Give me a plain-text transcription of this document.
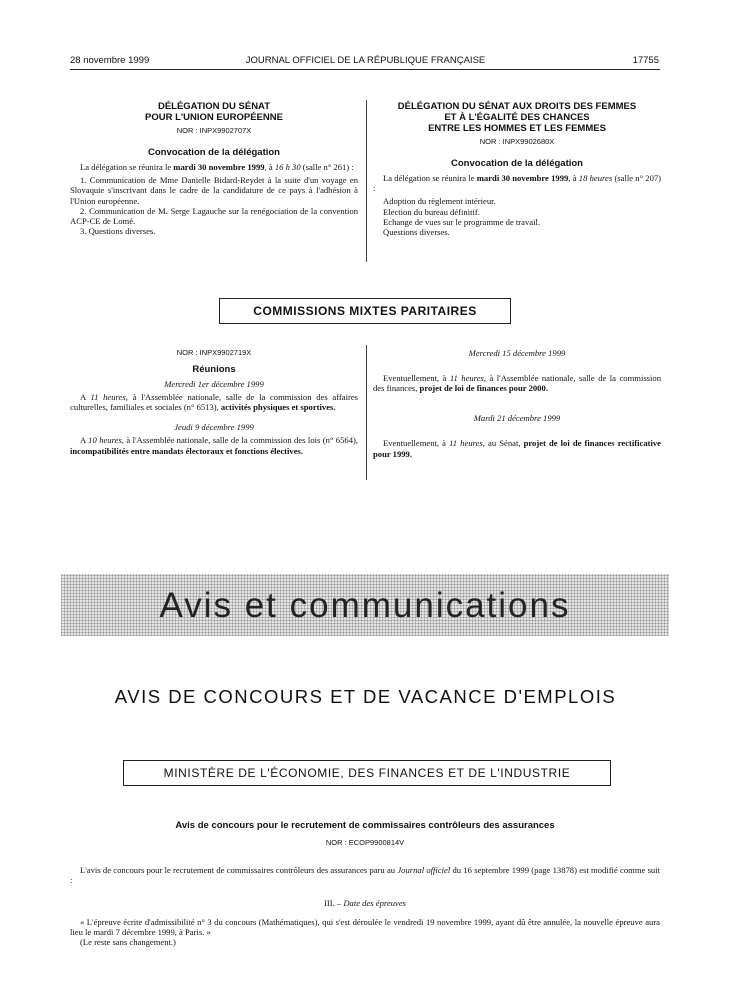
28 novembre 1999	JOURNAL OFFICIEL DE LA RÉPUBLIQUE FRANÇAISE	17755
DÉLÉGATION DU SÉNAT
POUR L'UNION EUROPÉENNE
NOR : INPX9902707X
Convocation de la délégation

La délégation se réunira le mardi 30 novembre 1999, à 16 h 30 (salle n° 261) :

1. Communication de Mme Danielle Bidard-Reydet à la suite d'un voyage en Slovaquie s'inscrivant dans le cadre de la candidature de ce pays à l'adhésion à l'Union européenne.

2. Communication de M. Serge Lagauche sur la renégociation de la convention ACP-CE de Lomé.

3. Questions diverses.

DÉLÉGATION DU SÉNAT AUX DROITS DES FEMMES
ET À L'ÉGALITÉ DES CHANCES
ENTRE LES HOMMES ET LES FEMMES
NOR : INPX9902680X
Convocation de la délégation

La délégation se réunira le mardi 30 novembre 1999, à 18 heures (salle n° 207) :

Adoption du règlement intérieur.

Election du bureau définitif.

Echange de vues sur le programme de travail.

Questions diverses.

COMMISSIONS MIXTES PARITAIRES
NOR : INPX9902719X
Réunions
Mercredi 1er décembre 1999

A 11 heures, à l'Assemblée nationale, salle de la commission des affaires culturelles, familiales et sociales (n° 6513), activités physiques et sportives.

Jeudi 9 décembre 1999

A 10 heures, à l'Assemblée nationale, salle de la commission des lois (n° 6564), incompatibilités entre mandats électoraux et fonctions électives.

Mercredi 15 décembre 1999

Eventuellement, à 11 heures, à l'Assemblée nationale, salle de la commission des finances, projet de loi de finances pour 2000.

Mardi 21 décembre 1999

Eventuellement, à 11 heures, au Sénat, projet de loi de finances rectificative pour 1999.

Avis et communications
AVIS DE CONCOURS ET DE VACANCE D'EMPLOIS
MINISTÈRE DE L'ÉCONOMIE, DES FINANCES ET DE L'INDUSTRIE
Avis de concours pour le recrutement de commissaires contrôleurs des assurances
NOR : ECOP9900814V

L'avis de concours pour le recrutement de commissaires contrôleurs des assurances paru au Journal officiel du 16 septembre 1999 (page 13878) est modifié comme suit :

III. – Date des épreuves

« L'épreuve écrite d'admissibilité n° 3 du concours (Mathématiques), qui s'est déroulée le vendredi 19 novembre 1999, ayant dû être annulée, la nouvelle épreuve aura lieu le mardi 7 décembre 1999, à Paris. »

(Le reste sans changement.)
